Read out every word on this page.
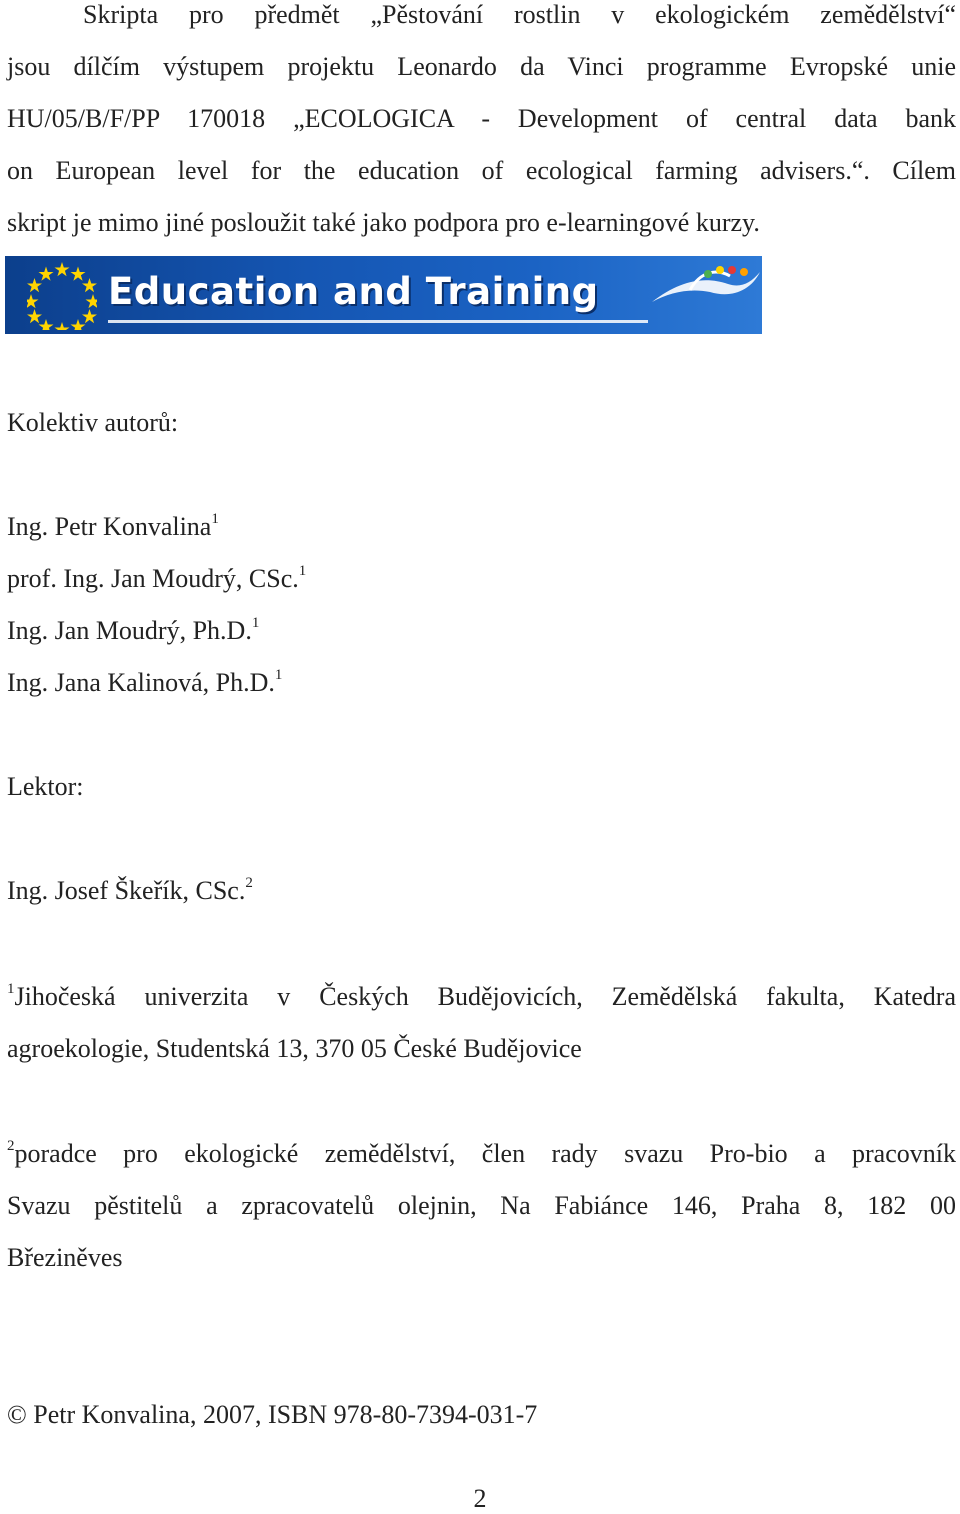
Skripta pro předmět „Pěstování rostlin v ekologickém zemědělství“

jsou dílčím výstupem projektu Leonardo da Vinci programme Evropské unie

HU/05/B/F/PP 170018 „ECOLOGICA - Development of central data bank

on European level for the education of ecological farming advisers.“. Cílem

skript je mimo jiné posloužit také jako podpora pro e-learningové kurzy.

Education and Training

Kolektiv autorů:

Ing. Petr Konvalina$^1$

prof. Ing. Jan Moudrý, CSc.$^1$

Ing. Jan Moudrý, Ph.D.$^1$

Ing. Jana Kalinová, Ph.D.$^1$

Lektor:

Ing. Josef Škeřík, CSc.$^2$

$^1$Jihočeská univerzita v Českých Budějovicích, Zemědělská fakulta, Katedra

agroekologie, Studentská 13, 370 05 České Budějovice

$^2$poradce pro ekologické zemědělství, člen rady svazu Pro-bio a pracovník

Svazu pěstitelů a zpracovatelů olejnin, Na Fabiánce 146, Praha 8, 182 00

Březiněves

© Petr Konvalina, 2007, ISBN 978-80-7394-031-7

2
